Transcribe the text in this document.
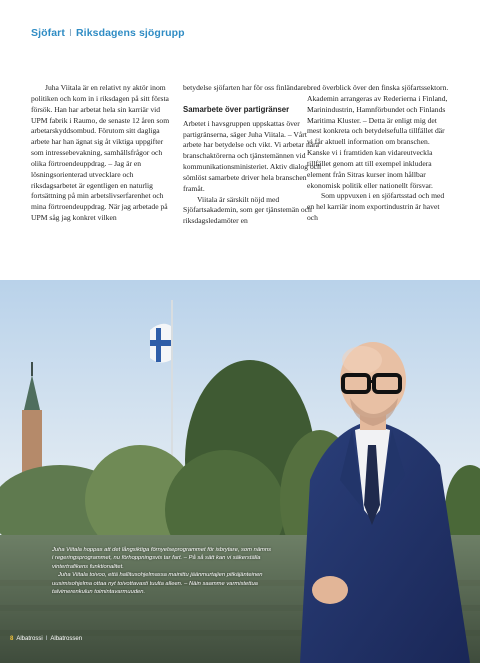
Sjöfart I Riksdagens sjögrupp

Juha Viitala är en relativt ny aktör inom politiken och kom in i riksdagen på sitt första försök. Han har arbetat hela sin karriär vid UPM fabrik i Raumo, de senaste 12 åren som arbetarskyddsombud. Förutom sitt dagliga arbete har han ägnat sig åt viktiga uppgifter som intressebevakning, samhällsfrågor och olika förtroendeuppdrag. – Jag är en lösningsorienterad utvecklare och riksdagsarbetet är egentligen en naturlig fortsättning på min arbetslivserfarenhet och mina förtroendeuppdrag. När jag arbetade på UPM såg jag konkret vilken

betydelse sjöfarten har för oss finländare.

Samarbete över partigränser

Arbetet i havsgruppen uppskattas över partigränserna, säger Juha Viitala. – Vårt arbete har betydelse och vikt. Vi arbetar nära branschaktörerna och tjänstemännen vid kommunikationsministeriet. Aktiv dialog och sömlöst samarbete driver hela branschen framåt.

Viitala är särskilt nöjd med Sjöfartsakademin, som ger tjänstemän och riksdagsledamöter en

bred överblick över den finska sjöfartssektorn. Akademin arrangeras av Rederierna i Finland, Marinindustrin, Hamnförbundet och Finlands Maritima Kluster. – Detta är enligt mig det mest konkreta och betydelsefulla tillfället där vi får aktuell information om branschen. Kanske vi i framtiden kan vidareutveckla tillfället genom att till exempel inkludera element från Sitras kurser inom hållbar ekonomisk politik eller nationellt försvar.

Som uppvuxen i en sjöfartsstad och med en hel karriär inom exportindustrin är havet och

Juha Viitala hoppas att det långsiktiga förnyelseprogrammet för isbrytare, som nämns i regeringsprogrammet, nu förhoppningsvis tar fart. – På så sätt kan vi säkerställa vintertrafikens funktionalitet.

Juha Viitala toivoo, että hallitusohjelmassa mainittu jäänmurtajien pitkäjänteinen uusimisohjelma ottaa nyt toivottavasti tuulta alleen. – Näin saamme varmistettua talvimerenkulun toimintavarmuuden.

8 Albatrossi I Albatrossen
